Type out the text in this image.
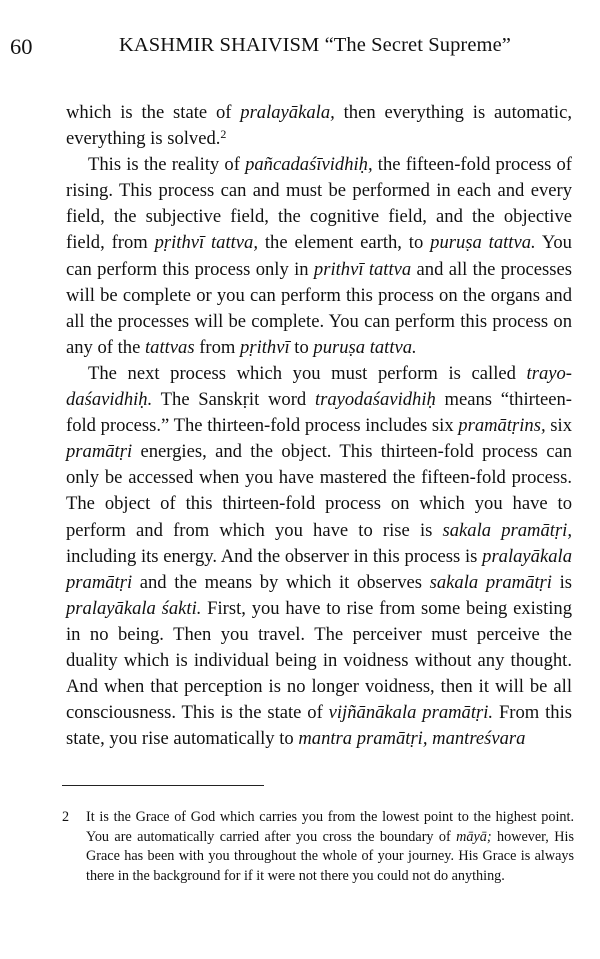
60	KASHMIR SHAIVISM “The Secret Supreme”

which is the state of pralayākala, then everything is automatic, everything is solved.$^2$

This is the reality of pañcadaśīvidhiḥ, the fifteen-fold process of rising. This process can and must be performed in each and every field, the subjective field, the cognitive field, and the objective field, from pṛithvī tattva, the element earth, to puruṣa tattva. You can perform this process only in prithvī tattva and all the processes will be complete or you can perform this process on the organs and all the processes will be complete. You can perform this process on any of the tattvas from pṛithvī to puruṣa tattva.

The next process which you must perform is called trayodaśavidhiḥ. The Sanskṛit word trayodaśavidhiḥ means “thirteen-fold process.” The thirteen-fold process includes six pramātṛins, six pramātṛi energies, and the object. This thirteen-fold process can only be accessed when you have mastered the fifteen-fold process. The object of this thirteen-fold process on which you have to perform and from which you have to rise is sakala pramātṛi, including its energy. And the observer in this process is pralayākala pramātṛi and the means by which it observes sakala pramātṛi is pralayākala śakti. First, you have to rise from some being existing in no being. Then you travel. The perceiver must perceive the duality which is individual being in voidness without any thought. And when that perception is no longer voidness, then it will be all consciousness. This is the state of vijñānākala pramātṛi. From this state, you rise automatically to mantra pramātṛi, mantreśvara

2 It is the Grace of God which carries you from the lowest point to the highest point. You are automatically carried after you cross the boundary of māyā; however, His Grace has been with you throughout the whole of your journey. His Grace is always there in the background for if it were not there you could not do anything.
